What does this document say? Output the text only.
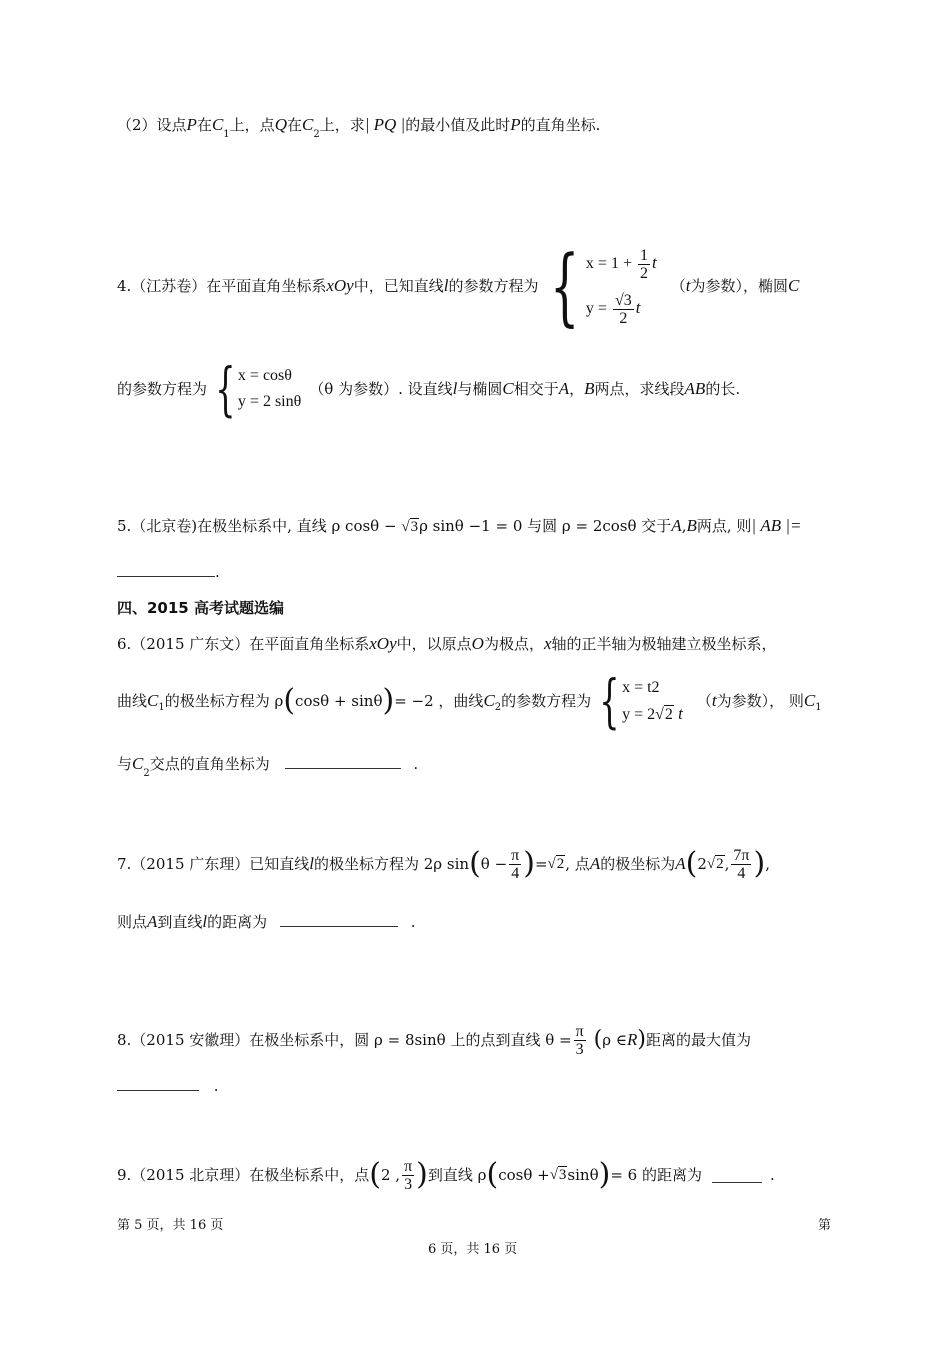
（2）设点P在$C_1$上，点Q在$C_2$上，求| PQ |的最小值及此时P的直角坐标.
4.（江苏卷）在平面直角坐标系 xOy 中，已知直线 l 的参数方程为 { $x = 1 + \frac{1}{2}$ t
$y = \frac{√3}{2}$ t
（ t 为参数），椭圆 C
的参数方程为 { x = cosθ
y = 2 sinθ
（θ 为参数）. 设直线 l 与椭圆 C 相交于 A ， B 两点，求线段 AB 的长.
5.（北京卷)在极坐标系中, 直线 ρ cosθ − √3ρ sinθ −1 = 0 与圆 ρ = 2cosθ 交于A,B两点, 则| AB |=
.
四、2015 高考试题选编
6.（2015 广东文）在平面直角坐标系xOy中，以原点O为极点，x轴的正半轴为极轴建立极坐标系，
曲线 C 1 的极坐标方程为 ρ ( cosθ + sinθ ) = −2 ，曲线 C 2 的参数方程为 { x = t2
y = 2√2 t
（ t 为参数）， 则 C 1
与$C_2$交点的直角坐标为	.
7.（2015 广东理）已知直线 l 的极坐标方程为 2ρ sin ( $\theta - \frac{\pi}{4}$ ) = √2 , 点 A 的极坐标为 A ( 2 √2 , $\frac{7\pi}{4}$ ) ,
则点A到直线l的距离为	.
8.（2015 安徽理）在极坐标系中，圆 ρ = 8sinθ 上的点到直线 $\theta = \frac{\pi}{3}$ ( ρ ∈ R ) 距离的最大值为
.
9.（2015 北京理）在极坐标系中，点 ( 2 , $\frac{\pi}{3}$ ) 到直线 ρ ( cosθ + √3 sinθ ) = 6 的距离为	.
第 5 页，共 16 页	第
6 页，共 16 页
